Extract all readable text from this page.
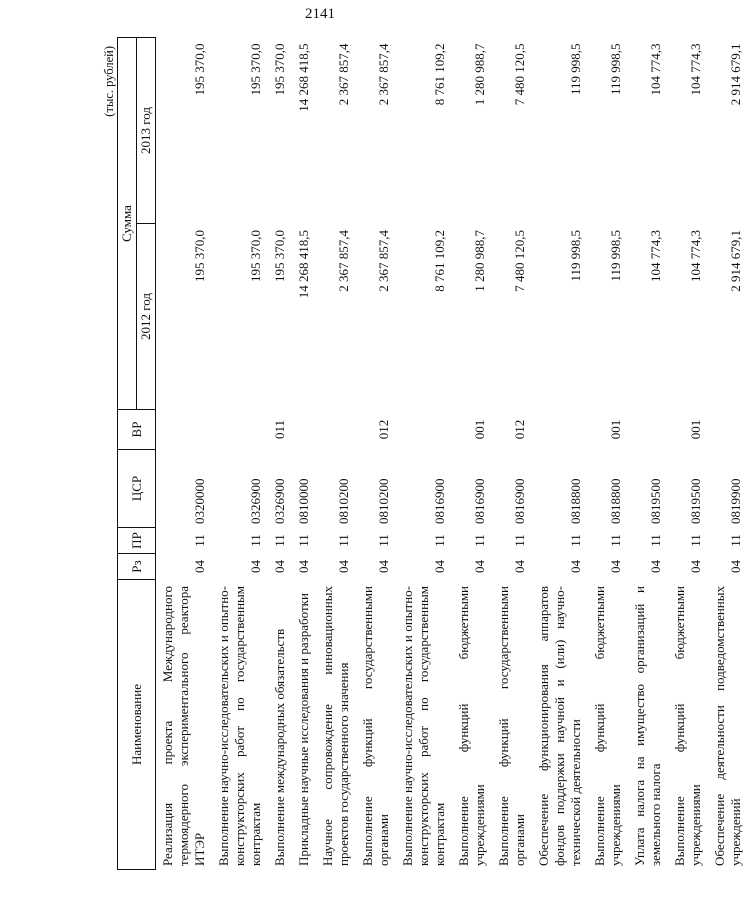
2141
(тыс. рублей)
Наименование	Рз	ПР	ЦСР	ВР	Сумма	
					2012 год	2013 год
Реализация проекта Международного термоядерного экспериментального реактора ИТЭР	04	11	0320000		195 370,0	195 370,0
Выполнение научно-исследовательских и опытно-конструкторских работ по государственным контрактам	04	11	0326900		195 370,0	195 370,0
Выполнение международных обязательств	04	11	0326900	011	195 370,0	195 370,0
Прикладные научные исследования и разработки	04	11	0810000		14 268 418,5	14 268 418,5
Научное сопровождение инновационных проектов государственного значения	04	11	0810200		2 367 857,4	2 367 857,4
Выполнение функций государственными органами	04	11	0810200	012	2 367 857,4	2 367 857,4
Выполнение научно-исследовательских и опытно-конструкторских работ по государственным контрактам	04	11	0816900		8 761 109,2	8 761 109,2
Выполнение функций бюджетными учреждениями	04	11	0816900	001	1 280 988,7	1 280 988,7
Выполнение функций государственными органами	04	11	0816900	012	7 480 120,5	7 480 120,5
Обеспечение функционирования аппаратов фондов поддержки научной и (или) научно-технической деятельности	04	11	0818800		119 998,5	119 998,5
Выполнение функций бюджетными учреждениями	04	11	0818800	001	119 998,5	119 998,5
Уплата налога на имущество организаций и земельного налога	04	11	0819500		104 774,3	104 774,3
Выполнение функций бюджетными учреждениями	04	11	0819500	001	104 774,3	104 774,3
Обеспечение деятельности подведомственных учреждений	04	11	0819900		2 914 679,1	2 914 679,1
